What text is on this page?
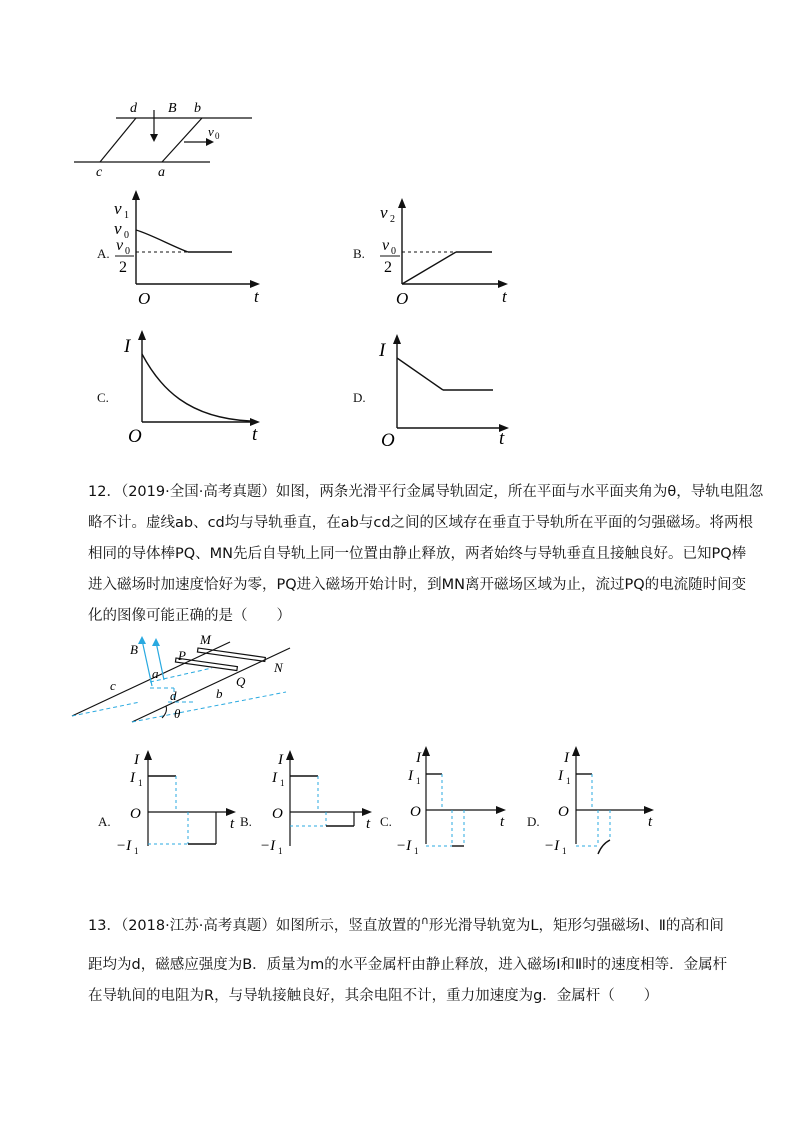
d B b
c	a
v 0
A.
v 1
v 0
v 0
2
O	t
B.
v 2
v 0
2
O	t
C.
I
O	t
D.
I
O	t

12．（2019·全国·高考真题）如图，两条光滑平行金属导轨固定，所在平面与水平面夹角为θ，导轨电阻忽

略不计。虚线ab、cd均与导轨垂直，在ab与cd之间的区域存在垂直于导轨所在平面的匀强磁场。将两根

相同的导体棒PQ、MN先后自导轨上同一位置由静止释放，两者始终与导轨垂直且接触良好。已知PQ棒

进入磁场时加速度恰好为零，PQ进入磁场开始计时，到MN离开磁场区域为止，流过PQ的电流随时间变

化的图像可能正确的是（　　）

B
M
P
N
a
Q
c
d	b
θ
A.
I
I 1
O
−I 1
t B.
I
I 1
O
−I 1
t C.
I
I 1
O
−I 1
t D.
I
I 1
O
−I 1
t

13．（2018·江苏·高考真题）如图所示，竖直放置的∩形光滑导轨宽为L，矩形匀强磁场Ⅰ、Ⅱ的高和间

距均为d，磁感应强度为B．质量为m的水平金属杆由静止释放，进入磁场Ⅰ和Ⅱ时的速度相等．金属杆

在导轨间的电阻为R，与导轨接触良好，其余电阻不计，重力加速度为g．金属杆（　　）
